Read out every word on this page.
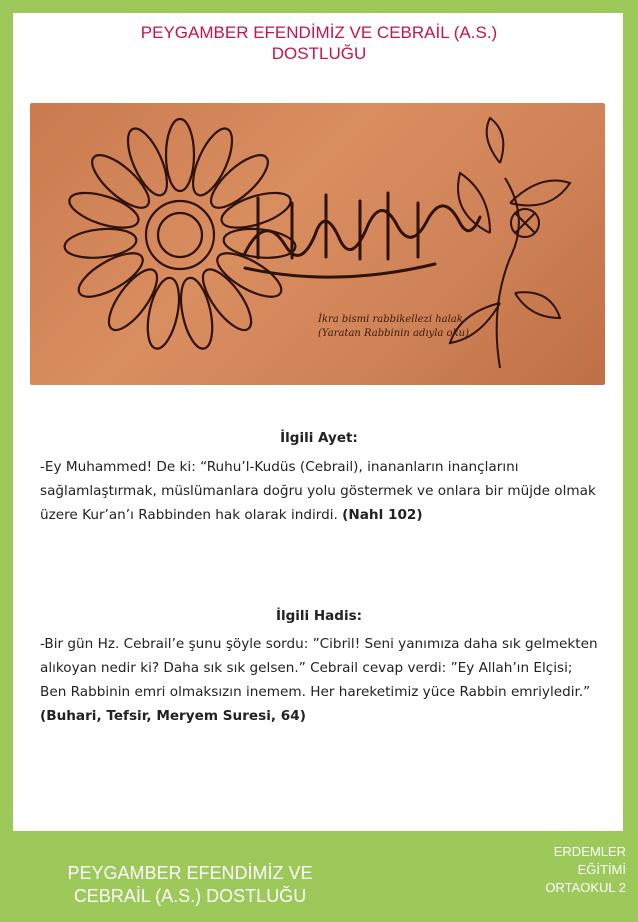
PEYGAMBER EFENDİMİZ VE CEBRAİL (A.S.)
DOSTLUĞU
İkra bismi rabbikellezi halak
(Yaratan Rabbinin adıyla oku)
İlgili Ayet:
-Ey Muhammed! De ki: “Ruhu’l-Kudüs (Cebrail), inananların inançlarını sağlamlaştırmak, müslümanlara doğru yolu göstermek ve onlara bir müjde olmak üzere Kur’an’ı Rabbinden hak olarak indirdi. (Nahl 102)
İlgili Hadis:
-Bir gün Hz. Cebrail’e şunu şöyle sordu: ”Cibril! Seni yanımıza daha sık gelmekten alıkoyan nedir ki? Daha sık sık gelsen.” Cebrail cevap verdi: ”Ey Allah’ın Elçisi; Ben Rabbinin emri olmaksızın inemem. Her hareketimiz yüce Rabbin emriyledir.”
(Buhari, Tefsir, Meryem Suresi, 64)
PEYGAMBER EFENDİMİZ VE
CEBRAİL (A.S.) DOSTLUĞU
ERDEMLER
EĞİTİMİ
ORTAOKUL 2
